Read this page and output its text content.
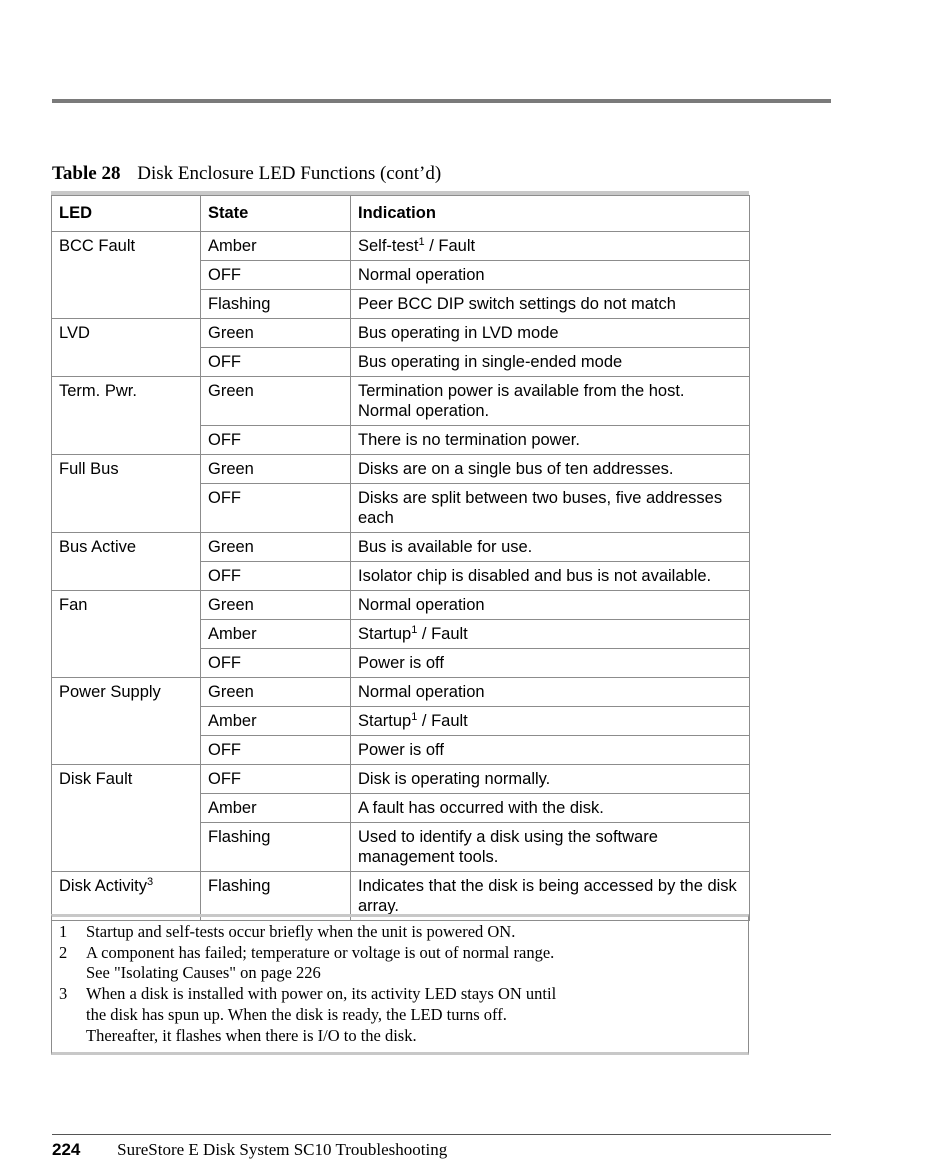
Table 28 Disk Enclosure LED Functions (cont’d)
LED	State	Indication
BCC Fault	Amber	Self-test$^1$ / Fault
	OFF	Normal operation
	Flashing	Peer BCC DIP switch settings do not match
LVD	Green	Bus operating in LVD mode
	OFF	Bus operating in single-ended mode
Term. Pwr.	Green	Termination power is available from the host. Normal operation.
	OFF	There is no termination power.
Full Bus	Green	Disks are on a single bus of ten addresses.
	OFF	Disks are split between two buses, five addresses each
Bus Active	Green	Bus is available for use.
	OFF	Isolator chip is disabled and bus is not available.
Fan	Green	Normal operation
	Amber	Startup$^1$ / Fault
	OFF	Power is off
Power Supply	Green	Normal operation
	Amber	Startup$^1$ / Fault
	OFF	Power is off
Disk Fault	OFF	Disk is operating normally.
	Amber	A fault has occurred with the disk.
	Flashing	Used to identify a disk using the software management tools.
Disk Activity$^3$	Flashing	Indicates that the disk is being accessed by the disk array.
1	Startup and self-tests occur briefly when the unit is powered ON.
2	A component has failed; temperature or voltage is out of normal range.
See "Isolating Causes" on page 226
3	When a disk is installed with power on, its activity LED stays ON until
the disk has spun up. When the disk is ready, the LED turns off.
Thereafter, it flashes when there is I/O to the disk.
224 SureStore E Disk System SC10 Troubleshooting
